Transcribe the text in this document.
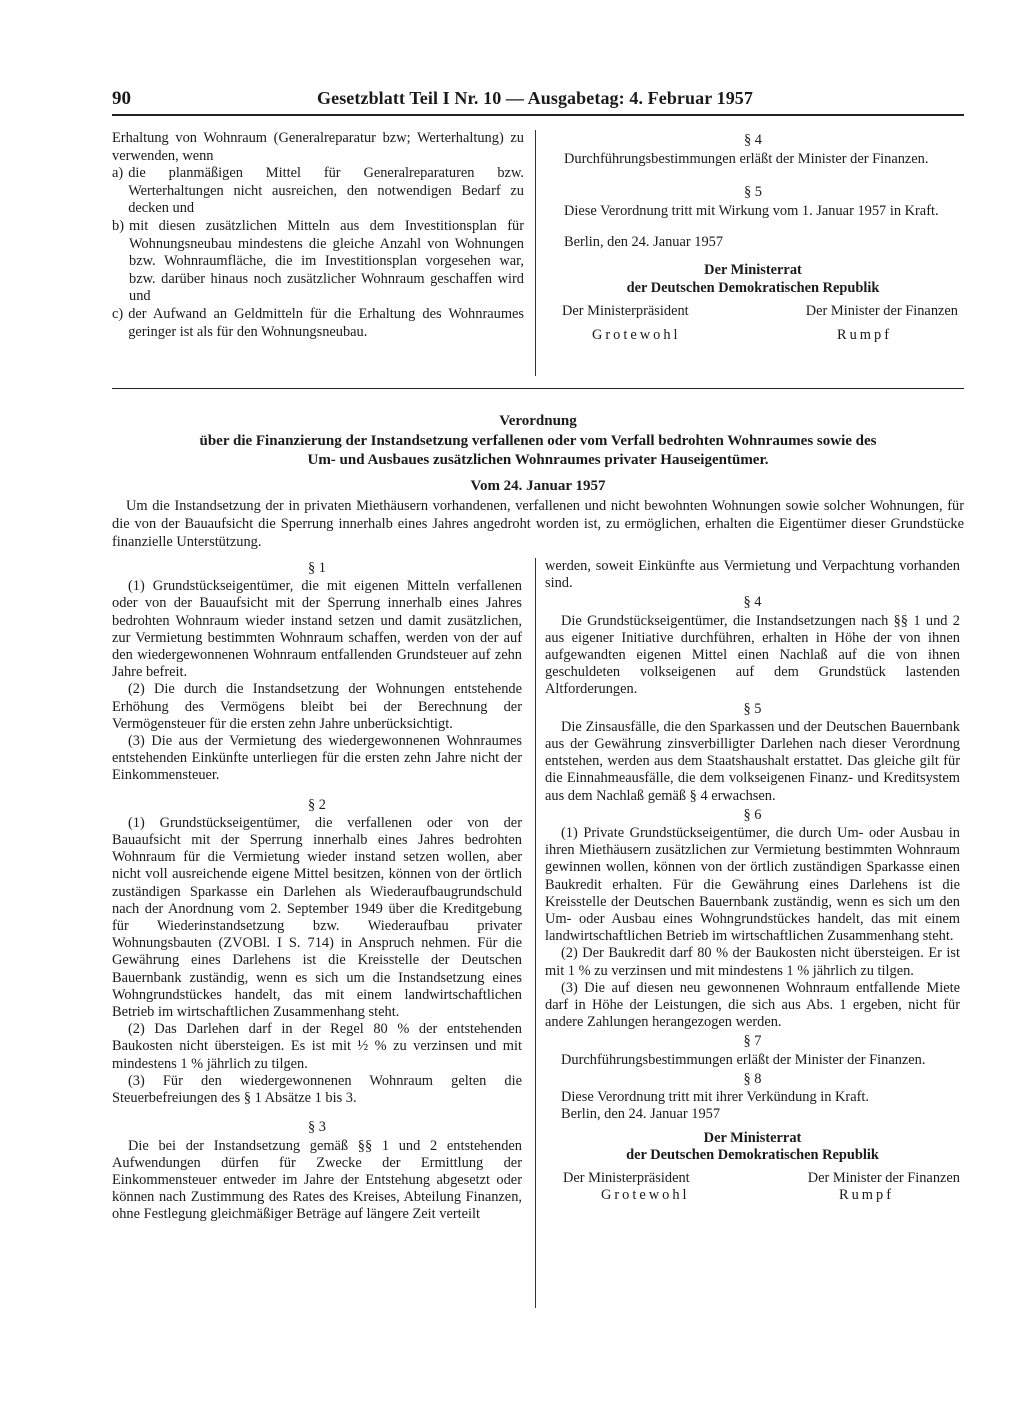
90	Gesetzblatt Teil I Nr. 10 — Ausgabetag: 4. Februar 1957
Erhaltung von Wohnraum (Generalreparatur bzw; Werterhaltung) zu verwenden, wenn
a) die planmäßigen Mittel für Generalreparaturen bzw. Werterhaltungen nicht ausreichen, den notwendigen Bedarf zu decken und
b) mit diesen zusätzlichen Mitteln aus dem Investitionsplan für Wohnungsneubau mindestens die gleiche Anzahl von Wohnungen bzw. Wohnraumfläche, die im Investitionsplan vorgesehen war, bzw. darüber hinaus noch zusätzlicher Wohnraum geschaffen wird und
c) der Aufwand an Geldmitteln für die Erhaltung des Wohnraumes geringer ist als für den Wohnungsneubau.
§ 4
Durchführungsbestimmungen erläßt der Minister der Finanzen.
§ 5
Diese Verordnung tritt mit Wirkung vom 1. Januar 1957 in Kraft.
Berlin, den 24. Januar 1957
Der Ministerrat
der Deutschen Demokratischen Republik
Der Ministerpräsident	Der Minister der Finanzen
Grotewohl	Rumpf
Verordnung
über die Finanzierung der Instandsetzung verfallenen oder vom Verfall bedrohten Wohnraumes sowie des
Um- und Ausbaues zusätzlichen Wohnraumes privater Hauseigentümer.
Vom 24. Januar 1957
Um die Instandsetzung der in privaten Miethäusern vorhandenen, verfallenen und nicht bewohnten Wohnungen sowie solcher Wohnungen, für die von der Bauaufsicht die Sperrung innerhalb eines Jahres angedroht worden ist, zu ermöglichen, erhalten die Eigentümer dieser Grundstücke finanzielle Unterstützung.
§ 1
(1) Grundstückseigentümer, die mit eigenen Mitteln verfallenen oder von der Bauaufsicht mit der Sperrung innerhalb eines Jahres bedrohten Wohnraum wieder instand setzen und damit zusätzlichen, zur Vermietung bestimmten Wohnraum schaffen, werden von der auf den wiedergewonnenen Wohnraum entfallenden Grundsteuer auf zehn Jahre befreit.
(2) Die durch die Instandsetzung der Wohnungen entstehende Erhöhung des Vermögens bleibt bei der Berechnung der Vermögensteuer für die ersten zehn Jahre unberücksichtigt.
(3) Die aus der Vermietung des wiedergewonnenen Wohnraumes entstehenden Einkünfte unterliegen für die ersten zehn Jahre nicht der Einkommensteuer.
§ 2
(1) Grundstückseigentümer, die verfallenen oder von der Bauaufsicht mit der Sperrung innerhalb eines Jahres bedrohten Wohnraum für die Vermietung wieder instand setzen wollen, aber nicht voll ausreichende eigene Mittel besitzen, können von der örtlich zuständigen Sparkasse ein Darlehen als Wiederaufbaugrundschuld nach der Anordnung vom 2. September 1949 über die Kreditgebung für Wiederinstandsetzung bzw. Wiederaufbau privater Wohnungsbauten (ZVOBl. I S. 714) in Anspruch nehmen. Für die Gewährung eines Darlehens ist die Kreisstelle der Deutschen Bauernbank zuständig, wenn es sich um die Instandsetzung eines Wohngrundstückes handelt, das mit einem landwirtschaftlichen Betrieb im wirtschaftlichen Zusammenhang steht.
(2) Das Darlehen darf in der Regel 80 % der entstehenden Baukosten nicht übersteigen. Es ist mit ½ % zu verzinsen und mit mindestens 1 % jährlich zu tilgen.
(3) Für den wiedergewonnenen Wohnraum gelten die Steuerbefreiungen des § 1 Absätze 1 bis 3.
§ 3
Die bei der Instandsetzung gemäß §§ 1 und 2 entstehenden Aufwendungen dürfen für Zwecke der Ermittlung der Einkommensteuer entweder im Jahre der Entstehung abgesetzt oder können nach Zustimmung des Rates des Kreises, Abteilung Finanzen, ohne Festlegung gleichmäßiger Beträge auf längere Zeit verteilt
werden, soweit Einkünfte aus Vermietung und Verpachtung vorhanden sind.
§ 4
Die Grundstückseigentümer, die Instandsetzungen nach §§ 1 und 2 aus eigener Initiative durchführen, erhalten in Höhe der von ihnen aufgewandten eigenen Mittel einen Nachlaß auf die von ihnen geschuldeten volkseigenen auf dem Grundstück lastenden Altforderungen.
§ 5
Die Zinsausfälle, die den Sparkassen und der Deutschen Bauernbank aus der Gewährung zinsverbilligter Darlehen nach dieser Verordnung entstehen, werden aus dem Staatshaushalt erstattet. Das gleiche gilt für die Einnahmeausfälle, die dem volkseigenen Finanz- und Kreditsystem aus dem Nachlaß gemäß § 4 erwachsen.
§ 6
(1) Private Grundstückseigentümer, die durch Um- oder Ausbau in ihren Miethäusern zusätzlichen zur Vermietung bestimmten Wohnraum gewinnen wollen, können von der örtlich zuständigen Sparkasse einen Baukredit erhalten. Für die Gewährung eines Darlehens ist die Kreisstelle der Deutschen Bauernbank zuständig, wenn es sich um den Um- oder Ausbau eines Wohngrundstückes handelt, das mit einem landwirtschaftlichen Betrieb im wirtschaftlichen Zusammenhang steht.
(2) Der Baukredit darf 80 % der Baukosten nicht übersteigen. Er ist mit 1 % zu verzinsen und mit mindestens 1 % jährlich zu tilgen.
(3) Die auf diesen neu gewonnenen Wohnraum entfallende Miete darf in Höhe der Leistungen, die sich aus Abs. 1 ergeben, nicht für andere Zahlungen herangezogen werden.
§ 7
Durchführungsbestimmungen erläßt der Minister der Finanzen.
§ 8
Diese Verordnung tritt mit ihrer Verkündung in Kraft.
Berlin, den 24. Januar 1957
Der Ministerrat
der Deutschen Demokratischen Republik
Der Ministerpräsident	Der Minister der Finanzen
Grotewohl	Rumpf
